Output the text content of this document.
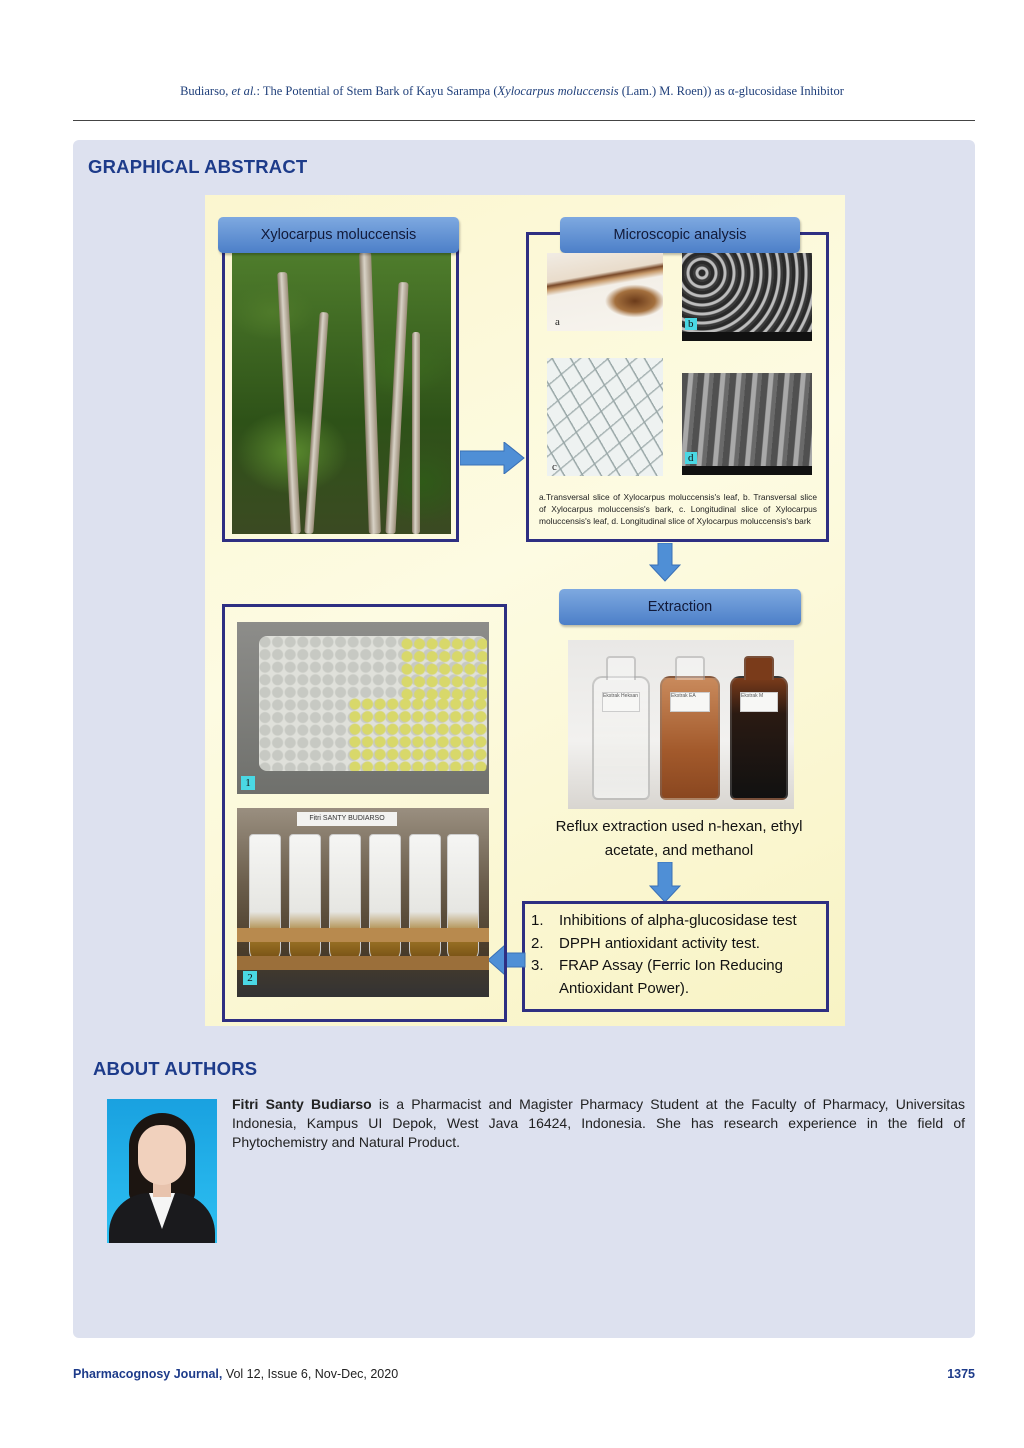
Budiarso, et al.: The Potential of Stem Bark of Kayu Sarampa (Xylocarpus moluccensis (Lam.) M. Roen)) as α-glucosidase Inhibitor
GRAPHICAL ABSTRACT
Xylocarpus moluccensis	Microscopic analysis
a	b
c
d
a.Transversal slice of Xylocarpus moluccensis's leaf, b. Transversal slice of Xylocarpus moluccensis's bark, c. Longitudinal slice of Xylocarpus moluccensis's leaf, d. Longitudinal slice of Xylocarpus moluccensis's bark
Extraction
Ekstrak Heksan	Ekstrak EA	Ekstrak M
Reflux extraction used n-hexan, ethyl
acetate, and methanol
1.	Inhibitions of alpha-glucosidase test
2.	DPPH antioxidant activity test.
3.	FRAP Assay (Ferric Ion Reducing
Antioxidant Power).
1
Fitri SANTY BUDIARSO
2
ABOUT AUTHORS
Fitri Santy Budiarso is a Pharmacist and Magister Pharmacy Student at the Faculty of Pharmacy, Universitas Indonesia, Kampus UI Depok, West Java 16424, Indonesia. She has research experience in the field of Phytochemistry and Natural Product.
Pharmacognosy Journal, Vol 12, Issue 6, Nov-Dec, 2020	1375
